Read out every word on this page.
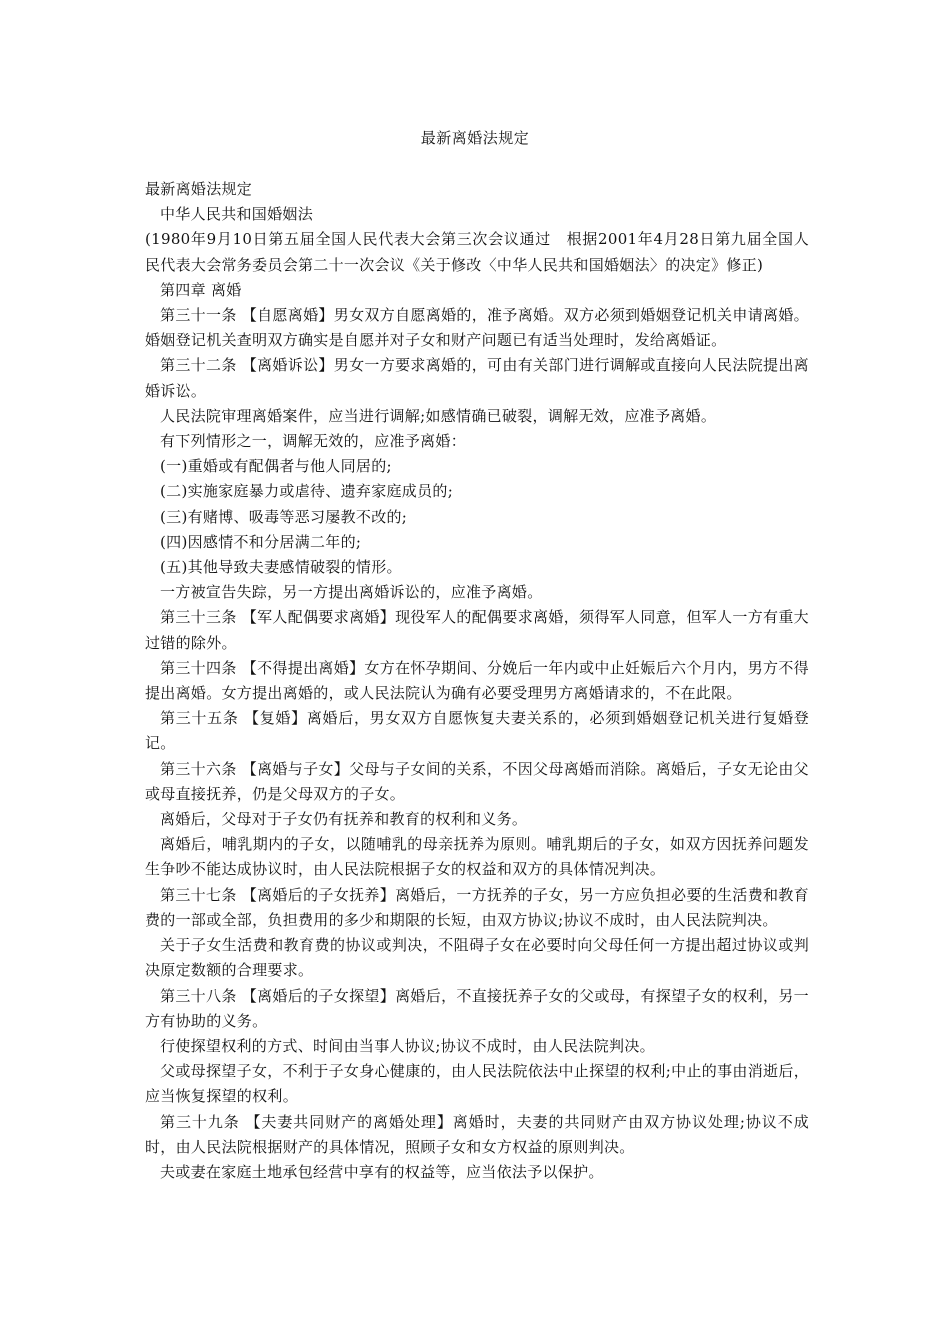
最新离婚法规定

最新离婚法规定

中华人民共和国婚姻法

(1980年9月10日第五届全国人民代表大会第三次会议通过　根据2001年4月28日第九届全国人民代表大会常务委员会第二十一次会议《关于修改〈中华人民共和国婚姻法〉的决定》修正)

第四章 离婚

第三十一条 【自愿离婚】男女双方自愿离婚的，准予离婚。双方必须到婚姻登记机关申请离婚。婚姻登记机关查明双方确实是自愿并对子女和财产问题已有适当处理时，发给离婚证。

第三十二条 【离婚诉讼】男女一方要求离婚的，可由有关部门进行调解或直接向人民法院提出离婚诉讼。

人民法院审理离婚案件，应当进行调解;如感情确已破裂，调解无效，应准予离婚。

有下列情形之一，调解无效的，应准予离婚：

(一)重婚或有配偶者与他人同居的;

(二)实施家庭暴力或虐待、遗弃家庭成员的;

(三)有赌博、吸毒等恶习屡教不改的;

(四)因感情不和分居满二年的;

(五)其他导致夫妻感情破裂的情形。

一方被宣告失踪，另一方提出离婚诉讼的，应准予离婚。

第三十三条 【军人配偶要求离婚】现役军人的配偶要求离婚，须得军人同意，但军人一方有重大过错的除外。

第三十四条 【不得提出离婚】女方在怀孕期间、分娩后一年内或中止妊娠后六个月内，男方不得提出离婚。女方提出离婚的，或人民法院认为确有必要受理男方离婚请求的，不在此限。

第三十五条 【复婚】离婚后，男女双方自愿恢复夫妻关系的，必须到婚姻登记机关进行复婚登记。

第三十六条 【离婚与子女】父母与子女间的关系，不因父母离婚而消除。离婚后，子女无论由父或母直接抚养，仍是父母双方的子女。

离婚后，父母对于子女仍有抚养和教育的权利和义务。

离婚后，哺乳期内的子女，以随哺乳的母亲抚养为原则。哺乳期后的子女，如双方因抚养问题发生争吵不能达成协议时，由人民法院根据子女的权益和双方的具体情况判决。

第三十七条 【离婚后的子女抚养】离婚后，一方抚养的子女，另一方应负担必要的生活费和教育费的一部或全部，负担费用的多少和期限的长短，由双方协议;协议不成时，由人民法院判决。

关于子女生活费和教育费的协议或判决，不阻碍子女在必要时向父母任何一方提出超过协议或判决原定数额的合理要求。

第三十八条 【离婚后的子女探望】离婚后，不直接抚养子女的父或母，有探望子女的权利，另一方有协助的义务。

行使探望权利的方式、时间由当事人协议;协议不成时，由人民法院判决。

父或母探望子女，不利于子女身心健康的，由人民法院依法中止探望的权利;中止的事由消逝后，应当恢复探望的权利。

第三十九条 【夫妻共同财产的离婚处理】离婚时，夫妻的共同财产由双方协议处理;协议不成时，由人民法院根据财产的具体情况，照顾子女和女方权益的原则判决。

夫或妻在家庭土地承包经营中享有的权益等，应当依法予以保护。
